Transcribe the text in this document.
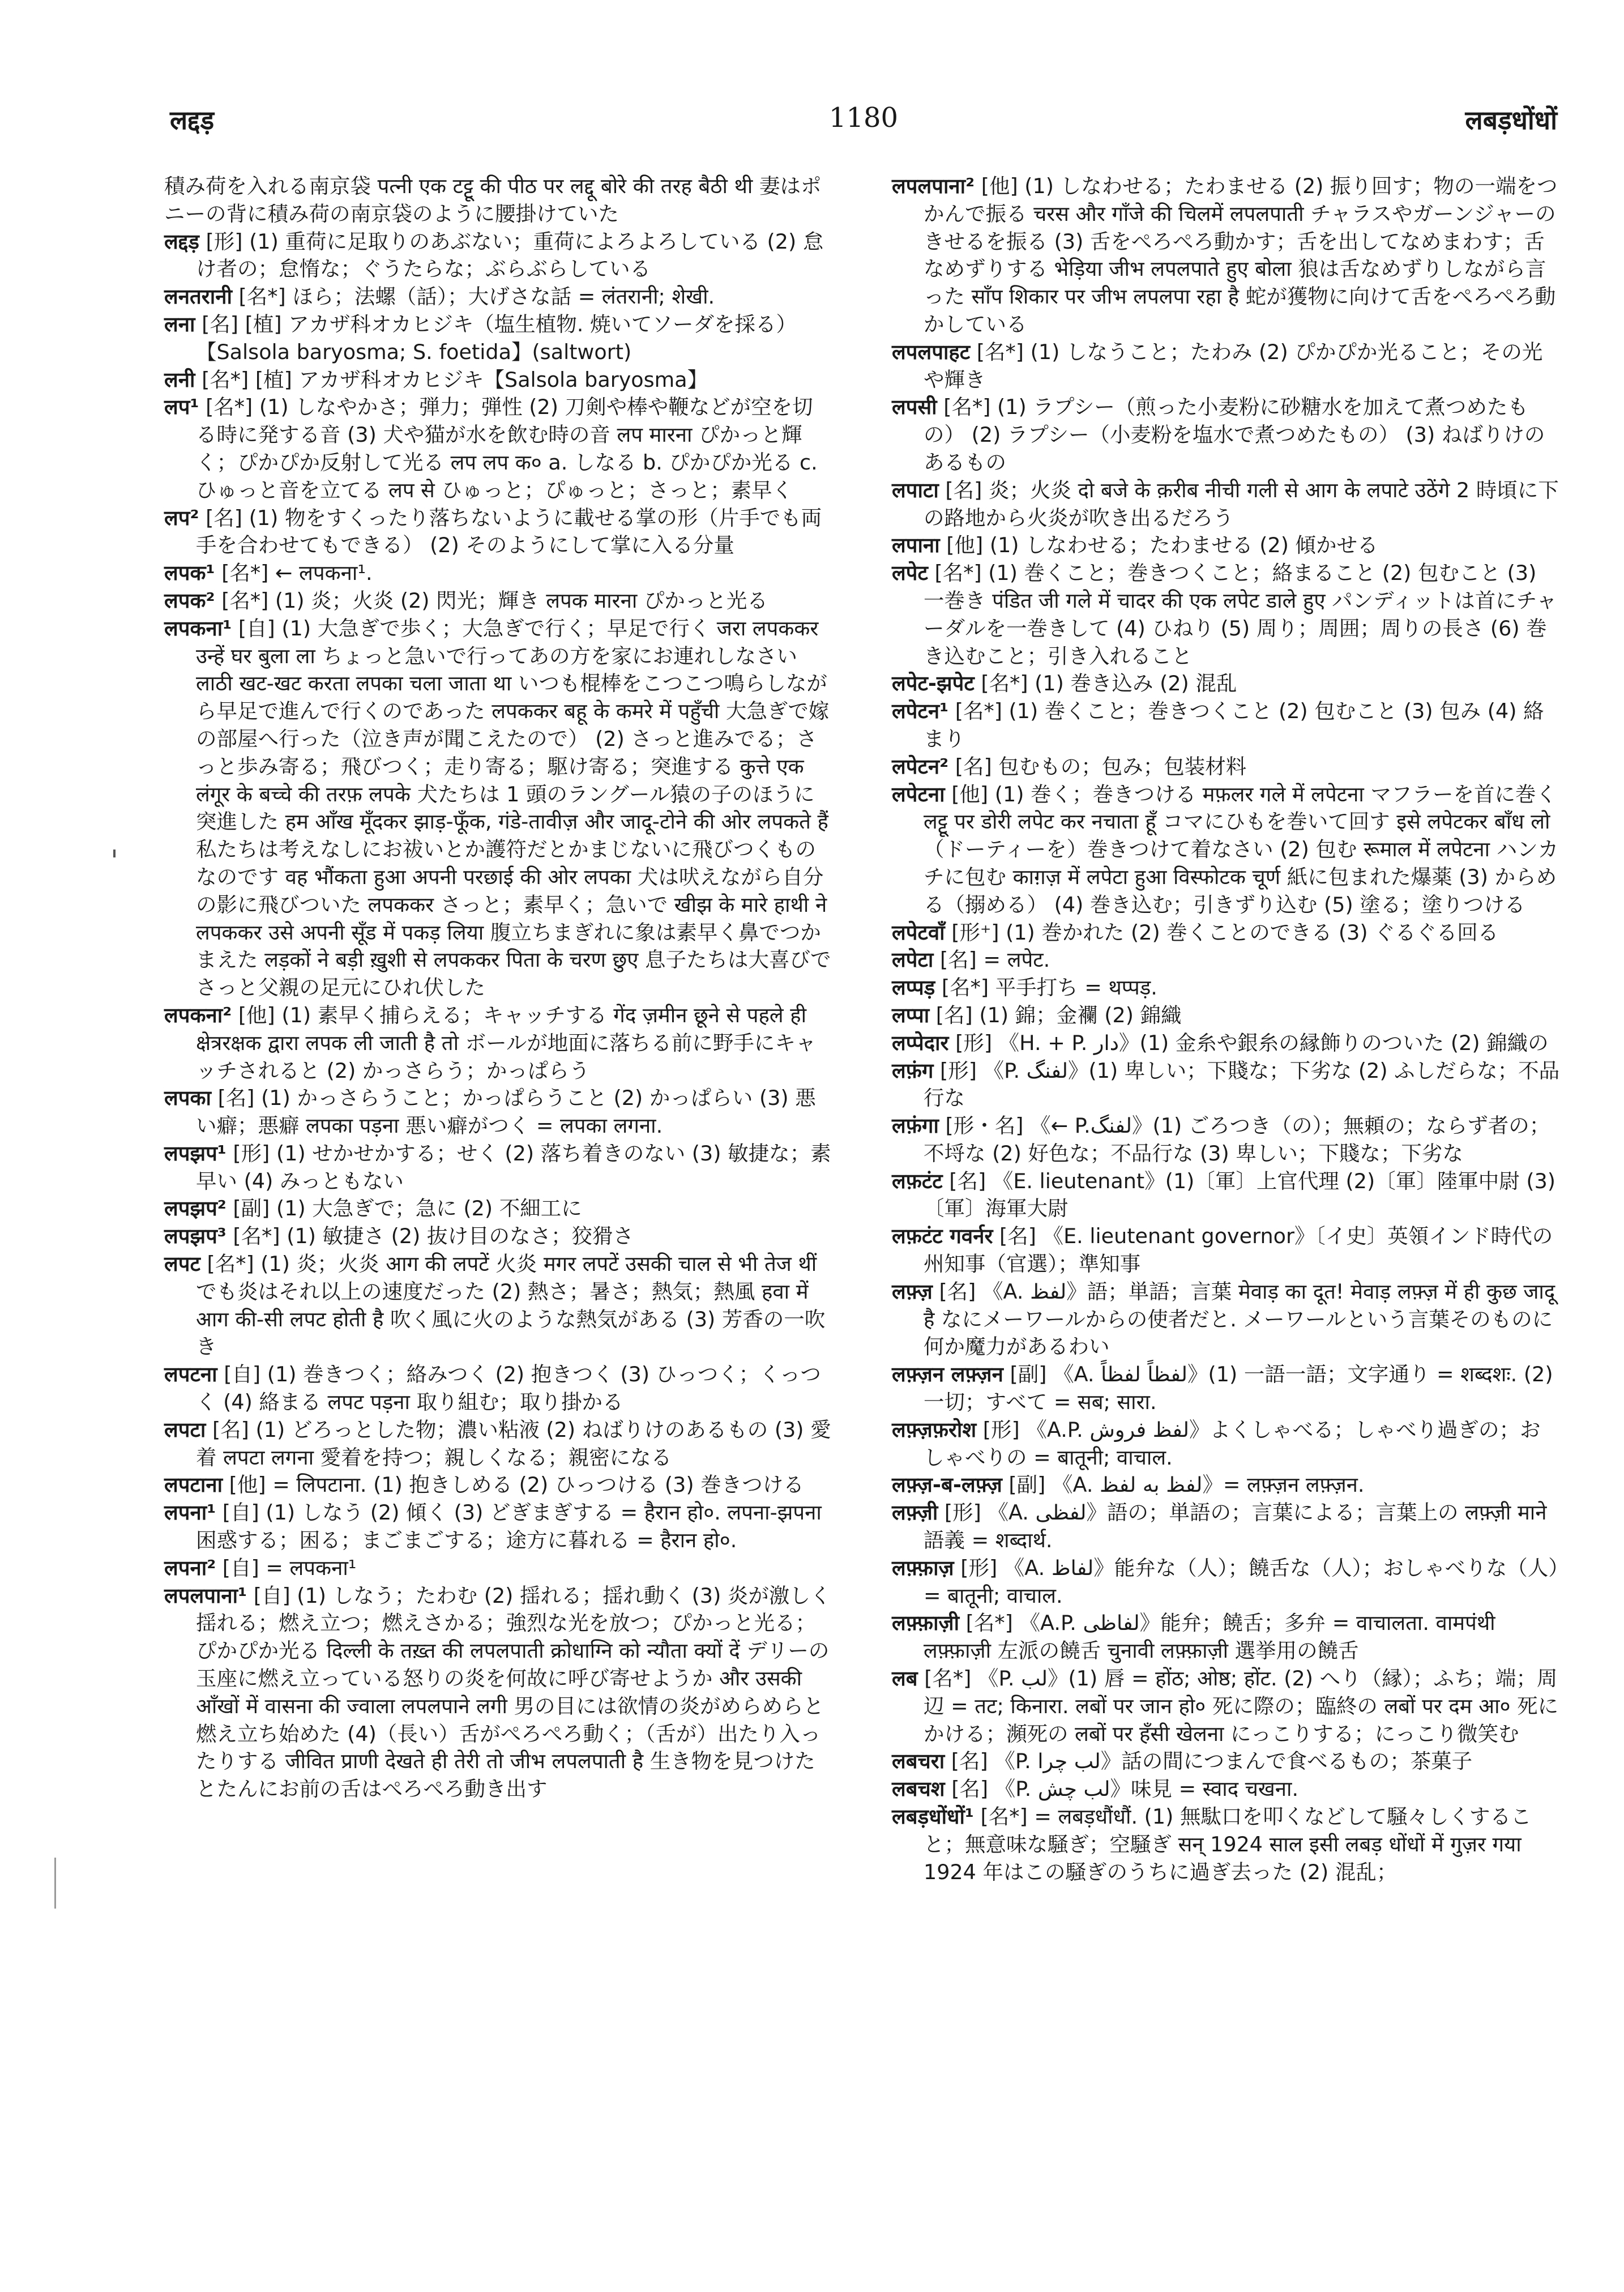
लद्दड़	1180	लबड़धोंधों

積み荷を入れる南京袋 पत्नी एक टट्टू की पीठ पर लद्दू बोरे की तरह बैठी थी 妻はポニーの背に積み荷の南京袋のように腰掛けていた

लद्दड़ [形] (1) 重荷に足取りのあぶない；重荷によろよろしている (2) 怠け者の；怠惰な；ぐうたらな；ぶらぶらしている

लनतरानी [名*] ほら；法螺（話）；大げさな話 = लंतरानी; शेखी.

लना [名] [植] アカザ科オカヒジキ（塩生植物. 焼いてソーダを採る）【Salsola baryosma; S. foetida】(saltwort)

लनी [名*] [植] アカザ科オカヒジキ【Salsola baryosma】

लप¹ [名*] (1) しなやかさ；弾力；弾性 (2) 刀剣や棒や鞭などが空を切る時に発する音 (3) 犬や猫が水を飲む時の音 लप मारना ぴかっと輝く；ぴかぴか反射して光る लप लप क० a. しなる b. ぴかぴか光る c. ひゅっと音を立てる लप से ひゅっと；ぴゅっと；さっと；素早く

लप² [名] (1) 物をすくったり落ちないように載せる掌の形（片手でも両手を合わせてもできる） (2) そのようにして掌に入る分量

लपक¹ [名*] ← लपकना¹.

लपक² [名*] (1) 炎；火炎 (2) 閃光；輝き लपक मारना ぴかっと光る

लपकना¹ [自] (1) 大急ぎで歩く；大急ぎで行く；早足で行く जरा लपककर उन्हें घर बुला ला ちょっと急いで行ってあの方を家にお連れしなさい लाठी खट-खट करता लपका चला जाता था いつも棍棒をこつこつ鳴らしながら早足で進んで行くのであった लपककर बहू के कमरे में पहुँची 大急ぎで嫁の部屋へ行った（泣き声が聞こえたので） (2) さっと進みでる；さっと歩み寄る；飛びつく；走り寄る；駆け寄る；突進する कुत्ते एक लंगूर के बच्चे की तरफ़ लपके 犬たちは 1 頭のラングール猿の子のほうに突進した हम आँख मूँदकर झाड़-फूँक, गंडे-तावीज़ और जादू-टोने की ओर लपकते हैं 私たちは考えなしにお祓いとか護符だとかまじないに飛びつくものなのです वह भौंकता हुआ अपनी परछाई की ओर लपका 犬は吠えながら自分の影に飛びついた लपककर さっと；素早く；急いで खीझ के मारे हाथी ने लपककर उसे अपनी सूँड में पकड़ लिया 腹立ちまぎれに象は素早く鼻でつかまえた लड़कों ने बड़ी ख़ुशी से लपककर पिता के चरण छुए 息子たちは大喜びでさっと父親の足元にひれ伏した

लपकना² [他] (1) 素早く捕らえる；キャッチする गेंद ज़मीन छूने से पहले ही क्षेत्ररक्षक द्वारा लपक ली जाती है तो ボールが地面に落ちる前に野手にキャッチされると (2) かっさらう；かっぱらう

लपका [名] (1) かっさらうこと；かっぱらうこと (2) かっぱらい (3) 悪い癖；悪癖 लपका पड़ना 悪い癖がつく = लपका लगना.

लपझप¹ [形] (1) せかせかする；せく (2) 落ち着きのない (3) 敏捷な；素早い (4) みっともない

लपझप² [副] (1) 大急ぎで；急に (2) 不細工に

लपझप³ [名*] (1) 敏捷さ (2) 抜け目のなさ；狡猾さ

लपट [名*] (1) 炎；火炎 आग की लपटें 火炎 मगर लपटें उसकी चाल से भी तेज थीं でも炎はそれ以上の速度だった (2) 熱さ；暑さ；熱気；熱風 हवा में आग की-सी लपट होती है 吹く風に火のような熱気がある (3) 芳香の一吹き

लपटना [自] (1) 巻きつく；絡みつく (2) 抱きつく (3) ひっつく；くっつく (4) 絡まる लपट पड़ना 取り組む；取り掛かる

लपटा [名] (1) どろっとした物；濃い粘液 (2) ねばりけのあるもの (3) 愛着 लपटा लगना 愛着を持つ；親しくなる；親密になる

लपटाना [他] = लिपटाना. (1) 抱きしめる (2) ひっつける (3) 巻きつける

लपना¹ [自] (1) しなう (2) 傾く (3) どぎまぎする = हैरान हो०. लपना-झपना 困惑する；困る；まごまごする；途方に暮れる = हैरान हो०.

लपना² [自] = लपकना¹

लपलपाना¹ [自] (1) しなう；たわむ (2) 揺れる；揺れ動く (3) 炎が激しく揺れる；燃え立つ；燃えさかる；強烈な光を放つ；ぴかっと光る；ぴかぴか光る दिल्ली के तख़्त की लपलपाती क्रोधाग्नि को न्यौता क्यों दें デリーの玉座に燃え立っている怒りの炎を何故に呼び寄せようか और उसकी आँखों में वासना की ज्वाला लपलपाने लगी 男の目には欲情の炎がめらめらと燃え立ち始めた (4)（長い）舌がぺろぺろ動く；（舌が）出たり入ったりする जीवित प्राणी देखते ही तेरी तो जीभ लपलपाती है 生き物を見つけたとたんにお前の舌はぺろぺろ動き出す

लपलपाना² [他] (1) しなわせる；たわませる (2) 振り回す；物の一端をつかんで振る चरस और गाँजे की चिलमें लपलपाती チャラスやガーンジャーのきせるを振る (3) 舌をぺろぺろ動かす；舌を出してなめまわす；舌なめずりする भेड़िया जीभ लपलपाते हुए बोला 狼は舌なめずりしながら言った साँप शिकार पर जीभ लपलपा रहा है 蛇が獲物に向けて舌をぺろぺろ動かしている

लपलपाहट [名*] (1) しなうこと；たわみ (2) ぴかぴか光ること；その光や輝き

लपसी [名*] (1) ラプシー（煎った小麦粉に砂糖水を加えて煮つめたもの） (2) ラプシー（小麦粉を塩水で煮つめたもの） (3) ねばりけのあるもの

लपाटा [名] 炎；火炎 दो बजे के क़रीब नीची गली से आग के लपाटे उठेंगे 2 時頃に下の路地から火炎が吹き出るだろう

लपाना [他] (1) しなわせる；たわませる (2) 傾かせる

लपेट [名*] (1) 巻くこと；巻きつくこと；絡まること (2) 包むこと (3) 一巻き पंडित जी गले में चादर की एक लपेट डाले हुए パンディットは首にチャーダルを一巻きして (4) ひねり (5) 周り；周囲；周りの長さ (6) 巻き込むこと；引き入れること

लपेट-झपेट [名*] (1) 巻き込み (2) 混乱

लपेटन¹ [名*] (1) 巻くこと；巻きつくこと (2) 包むこと (3) 包み (4) 絡まり

लपेटन² [名] 包むもの；包み；包装材料

लपेटना [他] (1) 巻く；巻きつける मफ़लर गले में लपेटना マフラーを首に巻く लट्टू पर डोरी लपेट कर नचाता हूँ コマにひもを巻いて回す इसे लपेटकर बाँध लो（ドーティーを）巻きつけて着なさい (2) 包む रूमाल में लपेटना ハンカチに包む काग़ज़ में लपेटा हुआ विस्फोटक चूर्ण 紙に包まれた爆薬 (3) からめる（搦める） (4) 巻き込む；引きずり込む (5) 塗る；塗りつける

लपेटवाँ [形⁺] (1) 巻かれた (2) 巻くことのできる (3) ぐるぐる回る

लपेटा [名] = लपेट.

लप्पड़ [名*] 平手打ち = थप्पड़.

लप्पा [名] (1) 錦；金襴 (2) 錦織

लप्पेदार [形] 《H. + P. دار》(1) 金糸や銀糸の縁飾りのついた (2) 錦織の

लफ़ंग [形] 《P. لفنگ》(1) 卑しい；下賤な；下劣な (2) ふしだらな；不品行な

लफ़ंगा [形・名] 《← P.لفنگ》(1) ごろつき（の）；無頼の；ならず者の；不埒な (2) 好色な；不品行な (3) 卑しい；下賤な；下劣な

लफ़टंट [名] 《E. lieutenant》(1)〔軍〕上官代理 (2)〔軍〕陸軍中尉 (3)〔軍〕海軍大尉

लफ़टंट गवर्नर [名] 《E. lieutenant governor》〔イ史〕英領インド時代の州知事（官選）；準知事

लफ़्ज़ [名] 《A. لفظ》語；単語；言葉 मेवाड़ का दूत! मेवाड़ लफ़्ज़ में ही कुछ जादू है なにメーワールからの使者だと. メーワールという言葉そのものに何か魔力があるわい

लफ़्ज़न लफ़्ज़न [副] 《A. لفظاً لفظاً》(1) 一語一語；文字通り = शब्दशः. (2) 一切；すべて = सब; सारा.

लफ़्ज़फ़रोश [形] 《A.P. لفظ فروش》よくしゃべる；しゃべり過ぎの；おしゃべりの = बातूनी; वाचाल.

लफ़्ज़-ब-लफ़्ज़ [副] 《A. لفظ به لفظ》= लफ़्ज़न लफ़्ज़न.

लफ़्ज़ी [形] 《A. لفظی》語の；単語の；言葉による；言葉上の लफ़्ज़ी माने 語義 = शब्दार्थ.

लफ़्फ़ाज़ [形] 《A. لفاظ》能弁な（人）；饒舌な（人）；おしゃべりな（人）= बातूनी; वाचाल.

लफ़्फ़ाज़ी [名*] 《A.P. لفاظی》能弁；饒舌；多弁 = वाचालता. वामपंथी लफ़्फ़ाज़ी 左派の饒舌 चुनावी लफ़्फ़ाज़ी 選挙用の饒舌

लब [名*] 《P. لب》(1) 唇 = होंठ; ओष्ठ; होंट. (2) へり（縁）；ふち；端；周辺 = तट; किनारा. लबों पर जान हो० 死に際の；臨終の लबों पर दम आ० 死にかける；瀕死の लबों पर हँसी खेलना にっこりする；にっこり微笑む

लबचरा [名] 《P. لب چرا》話の間につまんで食べるもの；茶菓子

लबचश [名] 《P. لب چش》味見 = स्वाद चखना.

लबड़धोंधों¹ [名*] = लबड़धौंधौं. (1) 無駄口を叩くなどして騒々しくすること；無意味な騒ぎ；空騒ぎ सन् 1924 साल इसी लबड़ धोंधों में गुज़र गया 1924 年はこの騒ぎのうちに過ぎ去った (2) 混乱；
